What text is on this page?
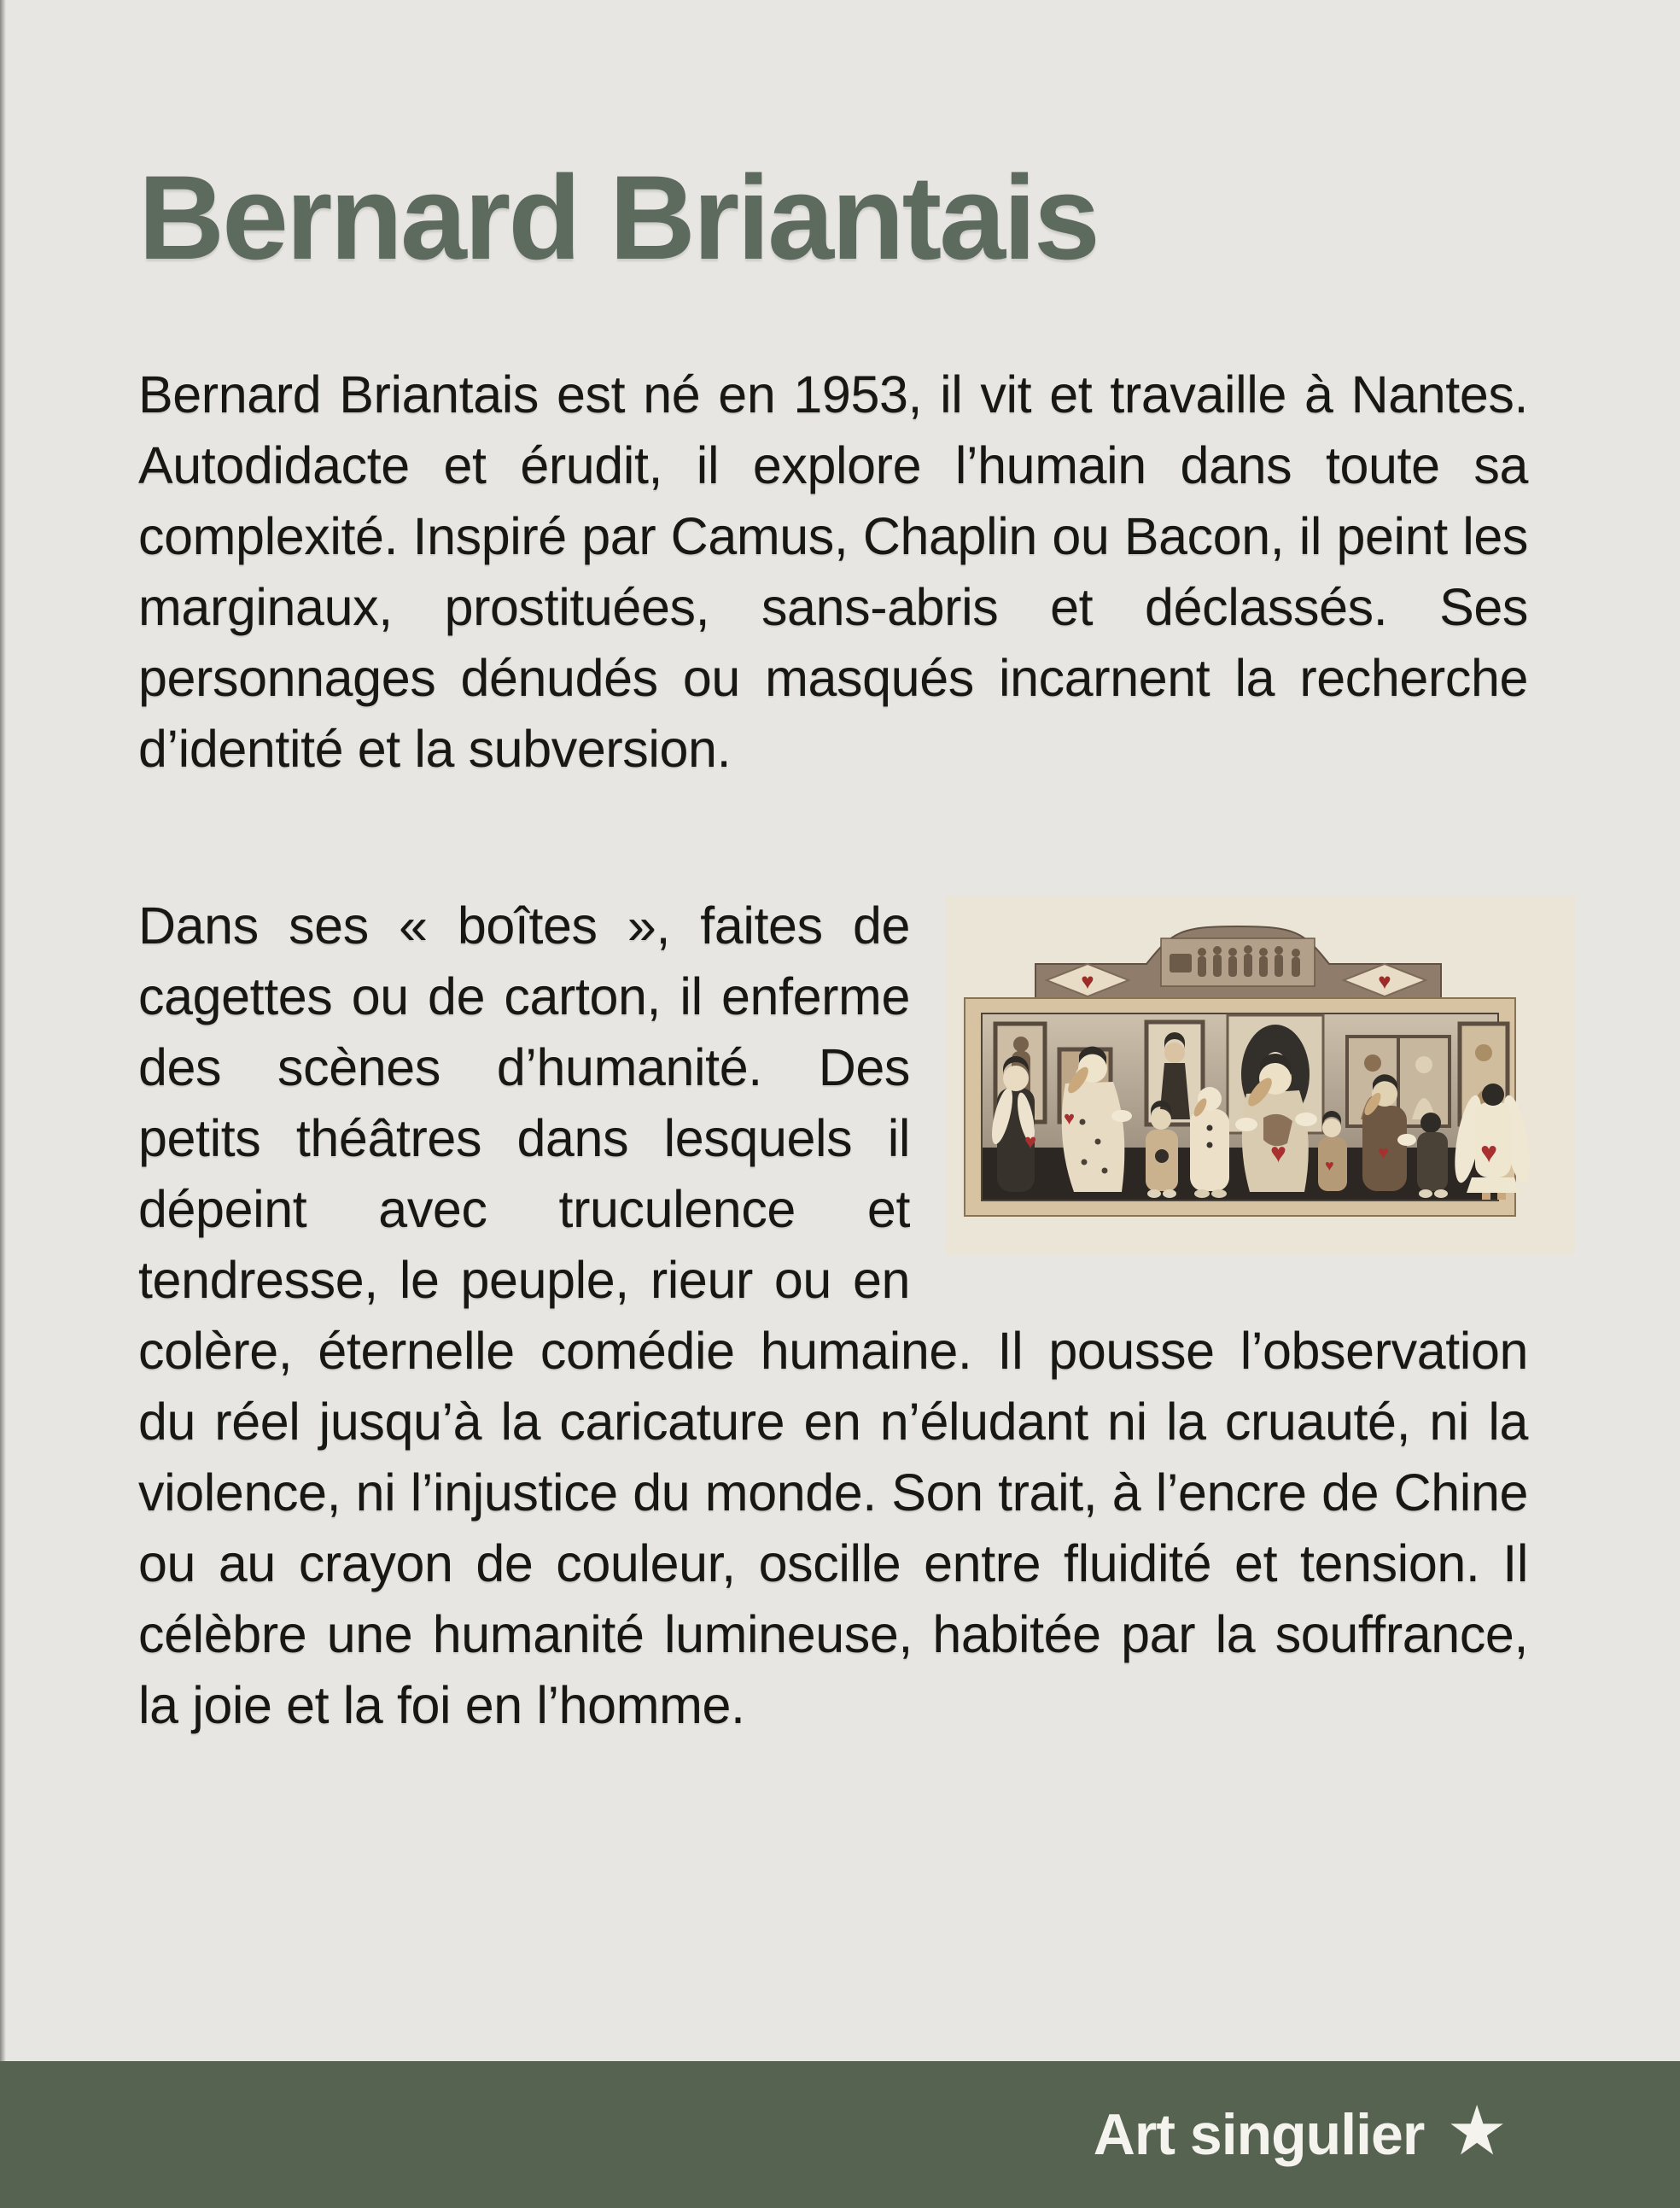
Bernard Briantais

Bernard Briantais est né en 1953, il vit et travaille à Nantes. Autodidacte et érudit, il explore l’humain dans toute sa complexité. Inspiré par Camus, Chaplin ou Bacon, il peint les marginaux, prostituées, sans-abris et déclassés. Ses personnages dénudés ou masqués incarnent la recherche d’identité et la subversion.

♥	♥
♥
♥
♥	♥
♥	♥

Dans ses « boîtes », faites de cagettes ou de carton, il enferme des scènes d’humanité. Des petits théâtres dans lesquels il dépeint avec truculence et tendresse, le peuple, rieur ou en colère, éternelle comédie humaine. Il pousse l’observation du réel jusqu’à la caricature en n’éludant ni la cruauté, ni la violence, ni l’injustice du monde. Son trait, à l’encre de Chine ou au crayon de couleur, oscille entre fluidité et tension. Il célèbre une humanité lumineuse, habitée par la souffrance, la joie et la foi en l’homme.

Art singulier ★
